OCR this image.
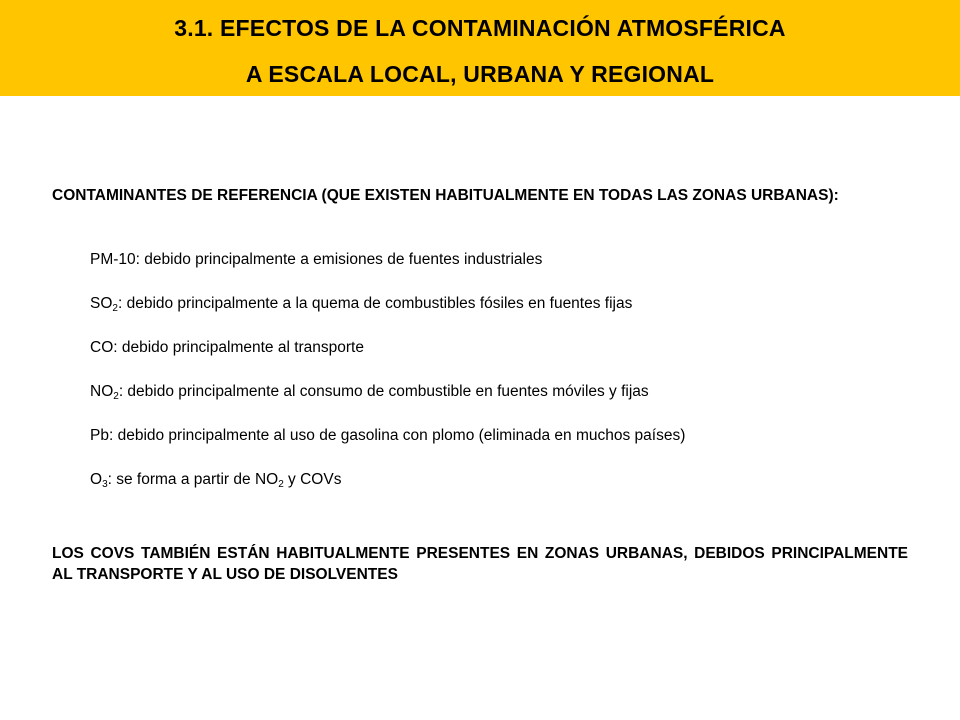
3.1. EFECTOS DE LA CONTAMINACIÓN ATMOSFÉRICA
A ESCALA LOCAL, URBANA Y REGIONAL
CONTAMINANTES DE REFERENCIA (QUE EXISTEN HABITUALMENTE EN TODAS LAS ZONAS URBANAS):
PM-10: debido principalmente a emisiones de fuentes industriales
$SO_2$: debido principalmente a la quema de combustibles fósiles en fuentes fijas
CO: debido principalmente al transporte
$NO_2$: debido principalmente al consumo de combustible en fuentes móviles y fijas
Pb: debido principalmente al uso de gasolina con plomo (eliminada en muchos países)
$O_3$: se forma a partir de $NO_2$ y COVs
LOS COVS TAMBIÉN ESTÁN HABITUALMENTE PRESENTES EN ZONAS URBANAS, DEBIDOS PRINCIPALMENTE AL TRANSPORTE Y AL USO DE DISOLVENTES
